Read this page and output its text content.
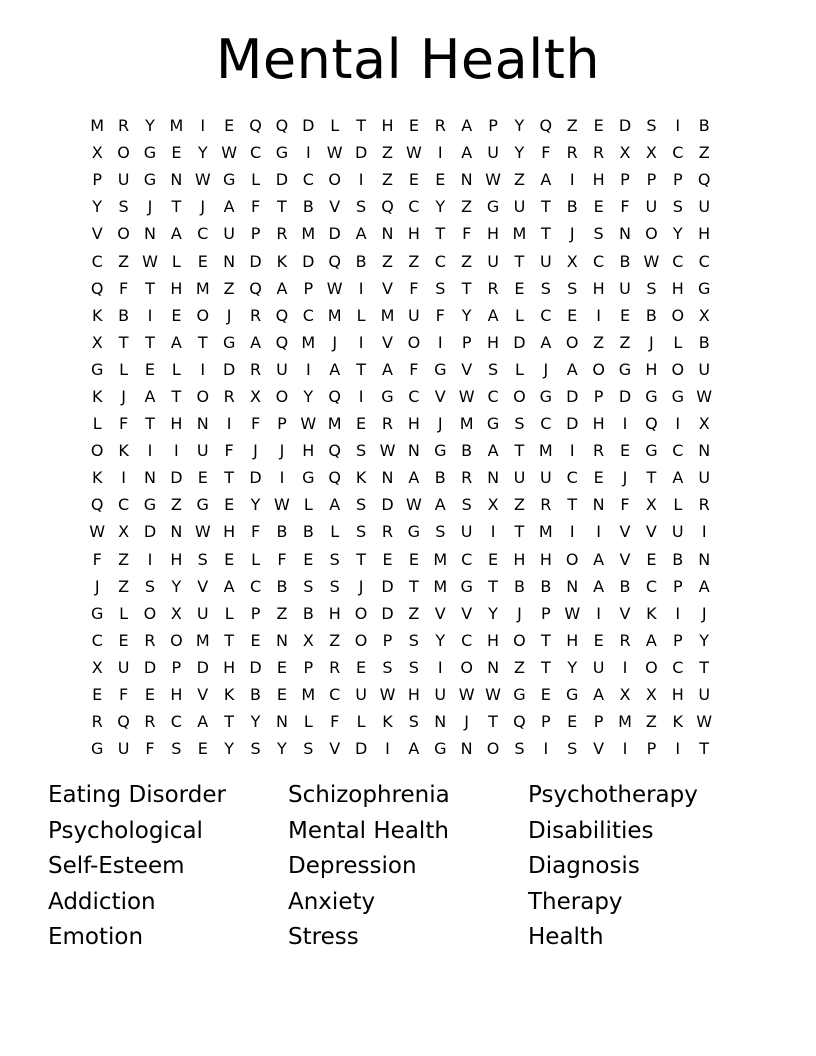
Mental Health
M R Y M	I	E Q Q D L	T H E R A	P	Y Q Z E D S	I	B
X O G E	Y W C G	I	W D Z W	I	A U Y	F	R R X X C Z
P U G N W G L D C O	I	Z E	E N W Z A	I	H P	P	P Q
Y	S	J	T	J	A	F	T	B V S Q C Y	Z G U T	B E	F U S U
V O N A C U P	R M D A N H T	F H M T	J	S N O Y H
C Z W L	E N D K D Q B Z Z C Z U T U X C B W C C
Q F	T H M Z Q A	P W	I	V	F	S	T R E	S	S H U S H G
K B	I	E O	J	R Q C M L M U F	Y	A	L	C E	I	E B O X
X	T	T	A	T G A Q M	J	I	V O	I	P H D A O Z Z	J	L	B
G L	E	L	I	D R U	I	A	T	A	F G V S	L	J	A O G H O U
K	J	A	T O R X O Y Q	I	G C V W C O G D P D G G W
L	F	T H N	I	F	P W M E R H	J	M G S C D H	I	Q	I	X
O K	I	I	U F	J	J	H Q S W N G B A	T M	I	R E G C N
K	I	N D E	T D	I	G Q K N A B R N U U C E	J	T	A U
Q C G Z G E	Y W L	A S D W A S X Z R T N F	X	L	R
W X D N W H F	B B	L	S R G S U	I	T M	I	I	V V U	I
F	Z	I	H S	E	L	F	E	S	T	E	E M C E H H O A V E B N
J	Z S	Y	V A C B S	S	J	D T M G T	B B N A B C P	A
G L O X U	L	P	Z B H O D Z V V	Y	J	P W	I	V K	I	J
C E R O M T	E N X Z O P	S	Y C H O T H E R A	P	Y
X U D P D H D E	P	R E	S	S	I	O N Z	T	Y U	I	O C T
E	F	E H V K B E M C U W H U W W G E G A X X H U
R Q R C A	T	Y N L	F	L	K	S N	J	T Q P	E	P M Z K W
G U F	S	E	Y	S	Y	S V D	I	A G N O S	I	S V	I	P	I	T
Eating Disorder
Psychological
Self-Esteem
Addiction
Emotion
Schizophrenia
Mental Health
Depression
Anxiety
Stress
Psychotherapy
Disabilities
Diagnosis
Therapy
Health
